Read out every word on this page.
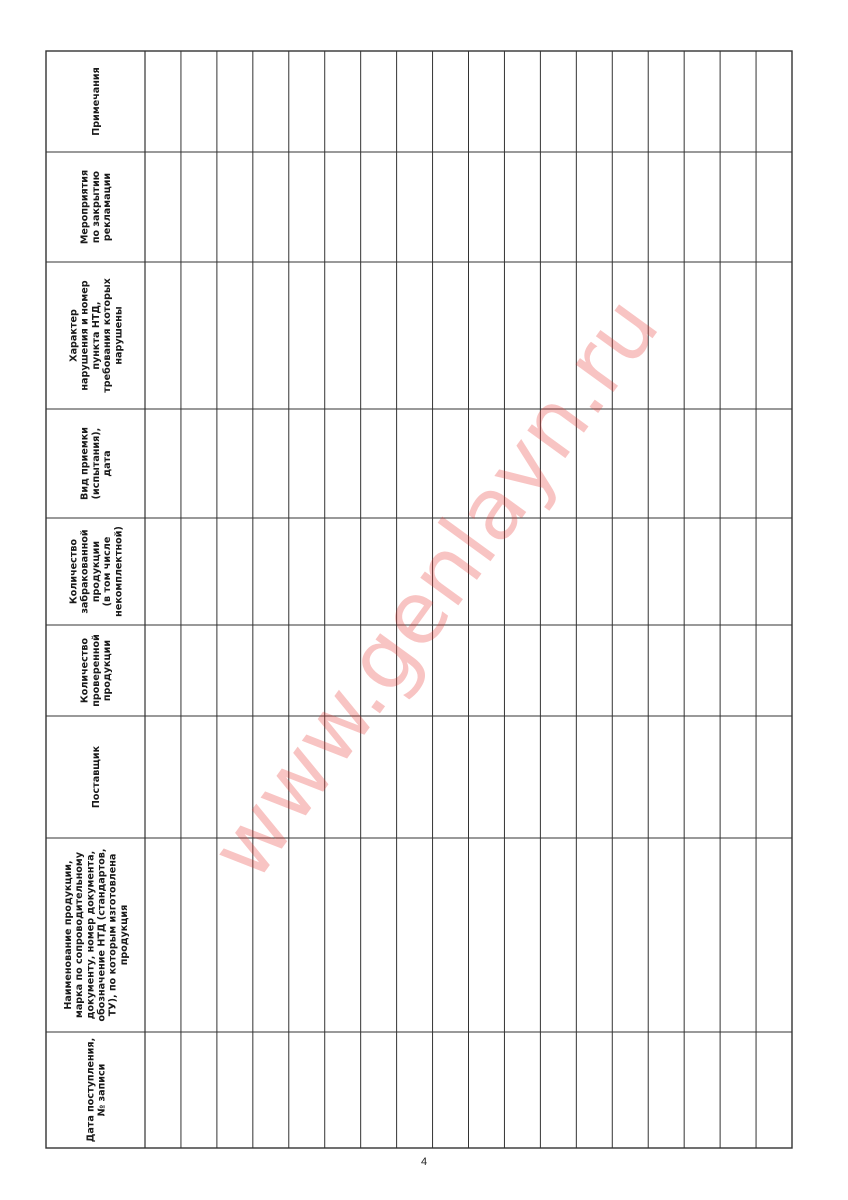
Дата поступления,№ записи
Наименование продукции,марка по сопроводительномудокументу, номер документа,обозначение НТД (стандартов,ТУ), по которым изготовленапродукция
Поставщик
Количествопровереннойпродукции
Количествозабракованнойпродукции(в том численекомплектной)
Вид приемки(испытания),дата
Характернарушения и номерпункта НТД,требования которыхнарушены
Мероприятияпо закрытиюрекламации
Примечания
www.genlayn.ru
4
